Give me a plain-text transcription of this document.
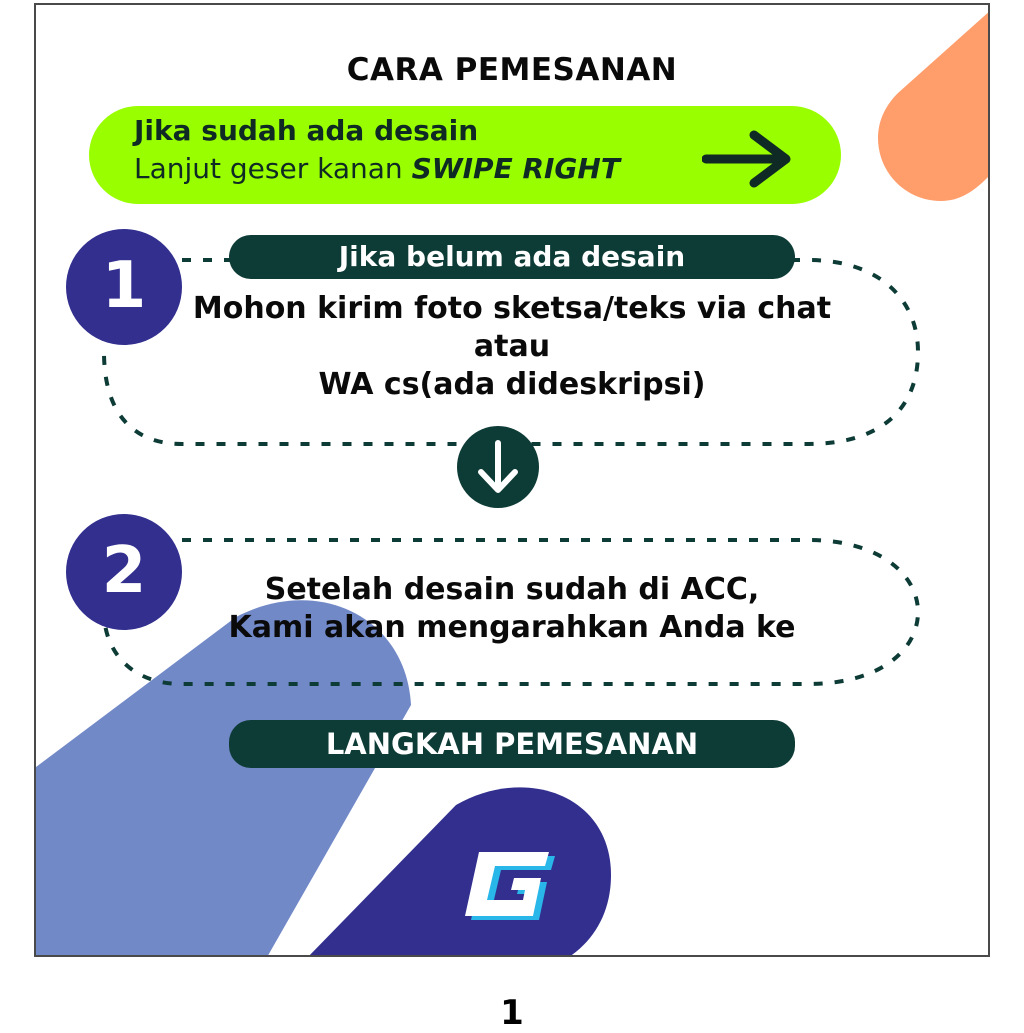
CARA PEMESANAN
Jika sudah ada desain
Lanjut geser kanan SWIPE RIGHT
1	Jika belum ada desain
Mohon kirim foto sketsa/teks via chat
atau
WA cs(ada dideskripsi)
2	Setelah desain sudah di ACC,
Kami akan mengarahkan Anda ke
LANGKAH PEMESANAN
G
1
